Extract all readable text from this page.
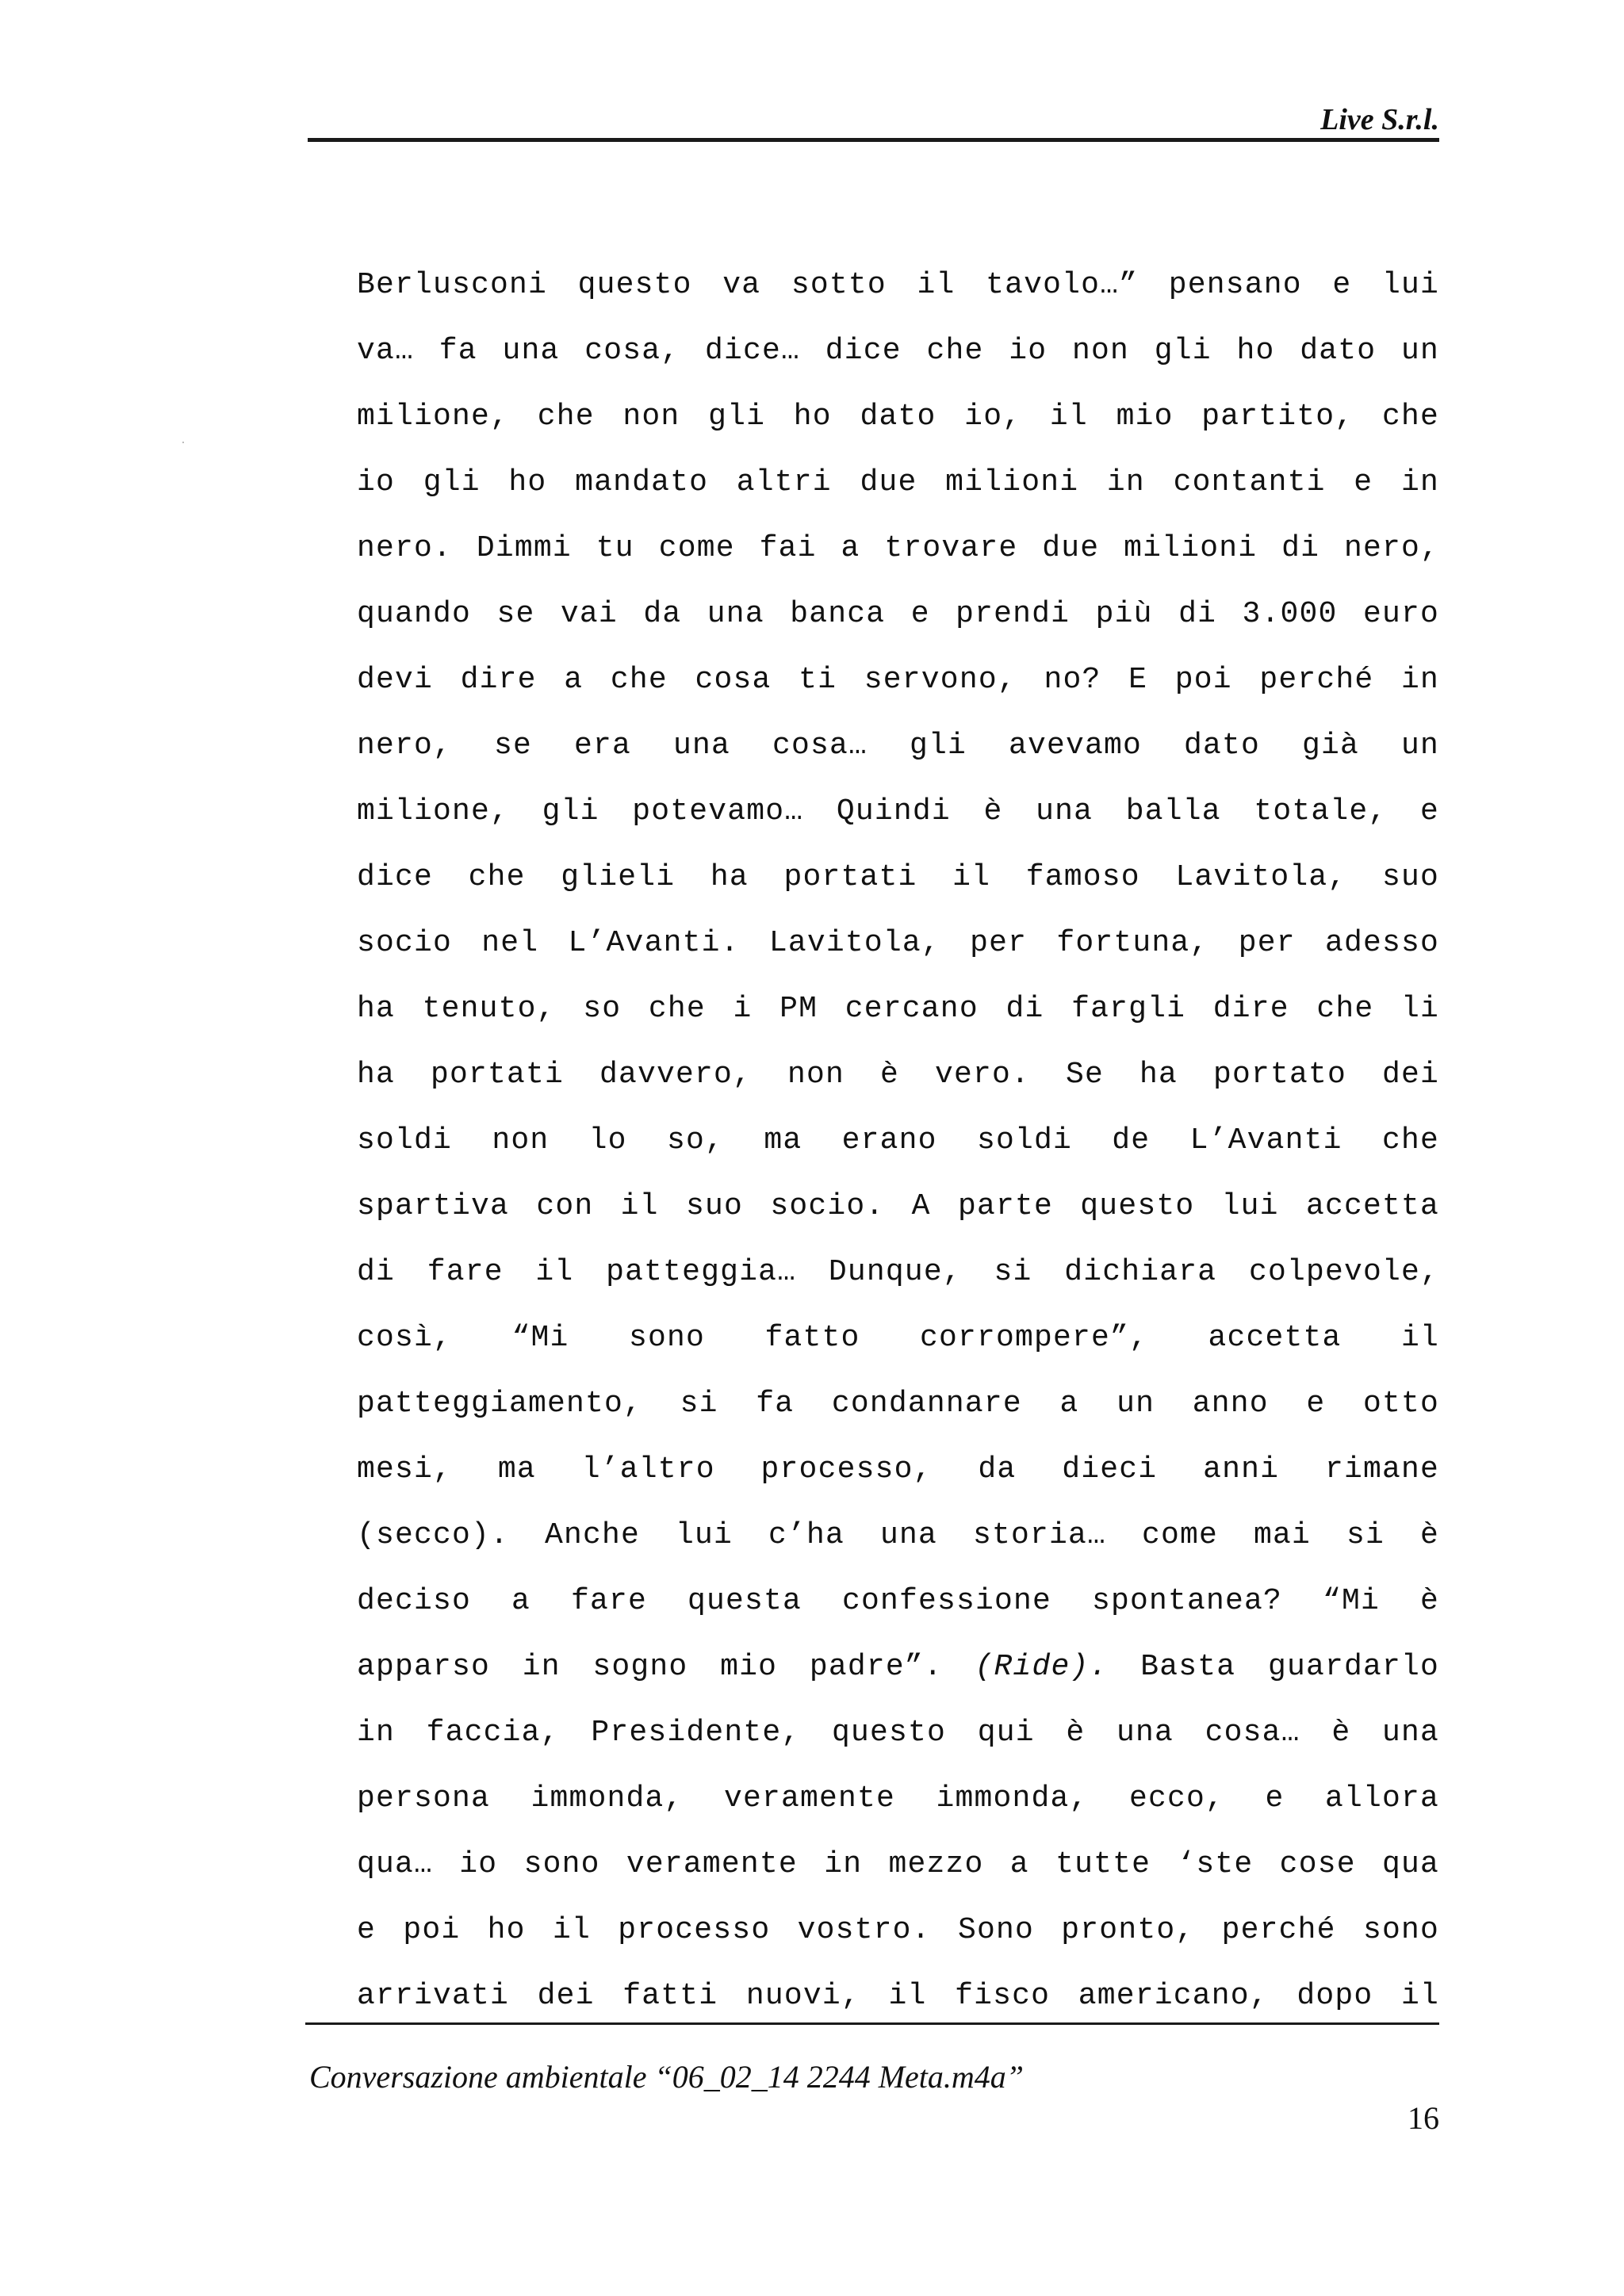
Live S.r.l.
Berlusconi questo va sotto il tavolo…” pensano e lui
va… fa una cosa, dice… dice che io non gli ho dato un
milione, che non gli ho dato io, il mio partito, che
io gli ho mandato altri due milioni in contanti e in
nero. Dimmi tu come fai a trovare due milioni di nero,
quando se vai da una banca e prendi più di 3.000 euro
devi dire a che cosa ti servono, no? E poi perché in
nero, se era una cosa… gli avevamo dato già un
milione, gli potevamo… Quindi è una balla totale, e
dice che glieli ha portati il famoso Lavitola, suo
socio nel L’Avanti. Lavitola, per fortuna, per adesso
ha tenuto, so che i PM cercano di fargli dire che li
ha portati davvero, non è vero. Se ha portato dei
soldi non lo so, ma erano soldi de L’Avanti che
spartiva con il suo socio. A parte questo lui accetta
di fare il patteggia… Dunque, si dichiara colpevole,
così, “Mi sono fatto corrompere”, accetta il
patteggiamento, si fa condannare a un anno e otto
mesi, ma l’altro processo, da dieci anni rimane
(secco). Anche lui c’ha una storia… come mai si è
deciso a fare questa confessione spontanea? “Mi è
apparso in sogno mio padre”. (Ride). Basta guardarlo
in faccia, Presidente, questo qui è una cosa… è una
persona immonda, veramente immonda, ecco, e allora
qua… io sono veramente in mezzo a tutte ‘ste cose qua
e poi ho il processo vostro. Sono pronto, perché sono
arrivati dei fatti nuovi, il fisco americano, dopo il
Conversazione ambientale “06_02_14 2244 Meta.m4a”
16
